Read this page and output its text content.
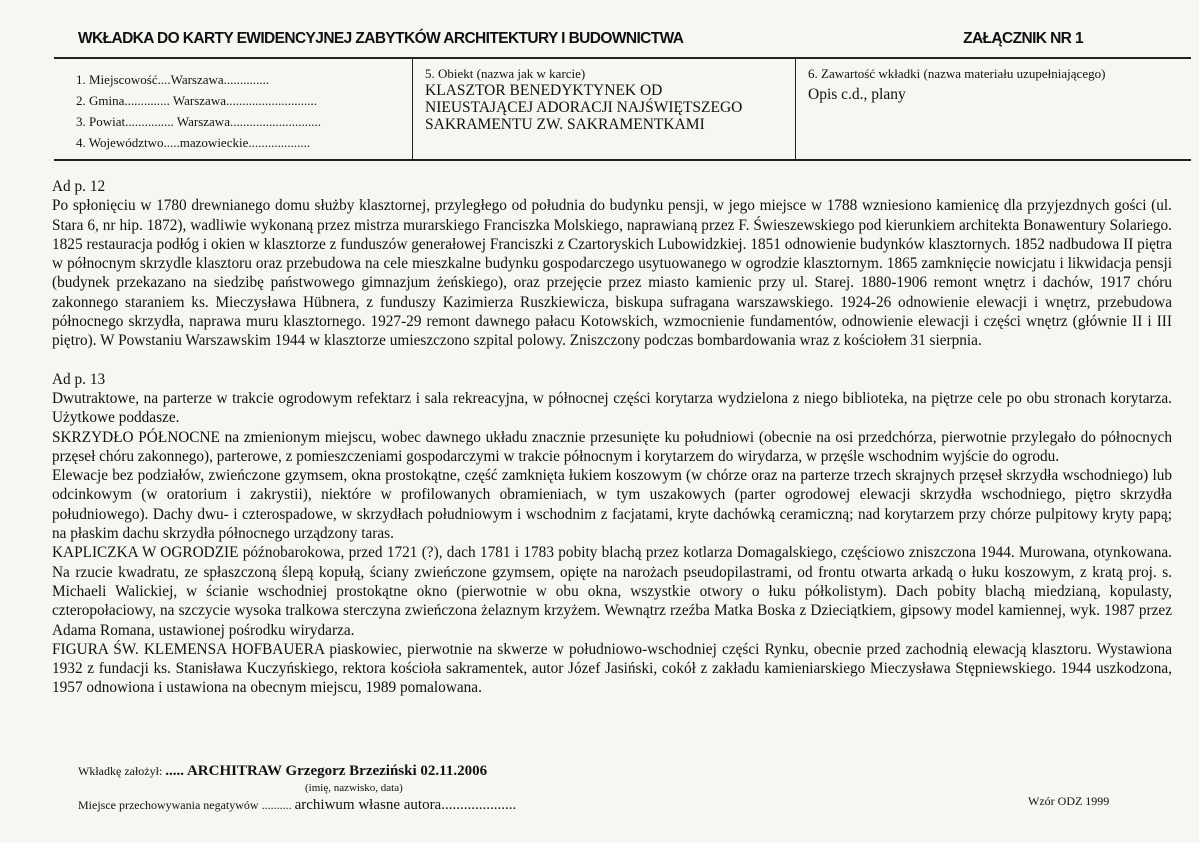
WKŁADKA DO KARTY EWIDENCYJNEJ ZABYTKÓW ARCHITEKTURY I BUDOWNICTWA	ZAŁĄCZNIK NR 1
1. Miejscowość....Warszawa..............
2. Gmina.............. Warszawa............................
3. Powiat............... Warszawa............................
4. Województwo.....mazowieckie...................
5. Obiekt (nazwa jak w karcie)
KLASZTOR BENEDYKTYNEK OD
NIEUSTAJĄCEJ ADORACJI NAJŚWIĘTSZEGO
SAKRAMENTU ZW. SAKRAMENTKAMI
6. Zawartość wkładki (nazwa materiału uzupełniającego)
Opis c.d., plany

Ad p. 12

Po spłonięciu w 1780 drewnianego domu służby klasztornej, przyległego od południa do budynku pensji, w jego miejsce w 1788 wzniesiono kamienicę dla przyjezdnych gości (ul. Stara 6, nr hip. 1872), wadliwie wykonaną przez mistrza murarskiego Franciszka Molskiego, naprawianą przez F. Świeszewskiego pod kierunkiem architekta Bonawentury Solariego. 1825 restauracja podłóg i okien w klasztorze z funduszów generałowej Franciszki z Czartoryskich Lubowidzkiej. 1851 odnowienie budynków klasztornych. 1852 nadbudowa II piętra w północnym skrzydle klasztoru oraz przebudowa na cele mieszkalne budynku gospodarczego usytuowanego w ogrodzie klasztornym. 1865 zamknięcie nowicjatu i likwidacja pensji (budynek przekazano na siedzibę państwowego gimnazjum żeńskiego), oraz przejęcie przez miasto kamienic przy ul. Starej. 1880-1906 remont wnętrz i dachów, 1917 chóru zakonnego staraniem ks. Mieczysława Hübnera, z funduszy Kazimierza Ruszkiewicza, biskupa sufragana warszawskiego. 1924-26 odnowienie elewacji i wnętrz, przebudowa północnego skrzydła, naprawa muru klasztornego. 1927-29 remont dawnego pałacu Kotowskich, wzmocnienie fundamentów, odnowienie elewacji i części wnętrz (głównie II i III piętro). W Powstaniu Warszawskim 1944 w klasztorze umieszczono szpital polowy. Zniszczony podczas bombardowania wraz z kościołem 31 sierpnia.

Ad p. 13

Dwutraktowe, na parterze w trakcie ogrodowym refektarz i sala rekreacyjna, w północnej części korytarza wydzielona z niego biblioteka, na piętrze cele po obu stronach korytarza. Użytkowe poddasze.

SKRZYDŁO PÓŁNOCNE na zmienionym miejscu, wobec dawnego układu znacznie przesunięte ku południowi (obecnie na osi przedchórza, pierwotnie przylegało do północnych przęseł chóru zakonnego), parterowe, z pomieszczeniami gospodarczymi w trakcie północnym i korytarzem do wirydarza, w przęśle wschodnim wyjście do ogrodu.

Elewacje bez podziałów, zwieńczone gzymsem, okna prostokątne, część zamknięta łukiem koszowym (w chórze oraz na parterze trzech skrajnych przęseł skrzydła wschodniego) lub odcinkowym (w oratorium i zakrystii), niektóre w profilowanych obramieniach, w tym uszakowych (parter ogrodowej elewacji skrzydła wschodniego, piętro skrzydła południowego). Dachy dwu- i czterospadowe, w skrzydłach południowym i wschodnim z facjatami, kryte dachówką ceramiczną; nad korytarzem przy chórze pulpitowy kryty papą; na płaskim dachu skrzydła północnego urządzony taras.

KAPLICZKA W OGRODZIE późnobarokowa, przed 1721 (?), dach 1781 i 1783 pobity blachą przez kotlarza Domagalskiego, częściowo zniszczona 1944. Murowana, otynkowana. Na rzucie kwadratu, ze spłaszczoną ślepą kopułą, ściany zwieńczone gzymsem, opięte na narożach pseudopilastrami, od frontu otwarta arkadą o łuku koszowym, z kratą proj. s. Michaeli Walickiej, w ścianie wschodniej prostokątne okno (pierwotnie w obu okna, wszystkie otwory o łuku półkolistym). Dach pobity blachą miedzianą, kopulasty, czteropołaciowy, na szczycie wysoka tralkowa sterczyna zwieńczona żelaznym krzyżem. Wewnątrz rzeźba Matka Boska z Dzieciątkiem, gipsowy model kamiennej, wyk. 1987 przez Adama Romana, ustawionej pośrodku wirydarza.

FIGURA ŚW. KLEMENSA HOFBAUERA piaskowiec, pierwotnie na skwerze w południowo-wschodniej części Rynku, obecnie przed zachodnią elewacją klasztoru. Wystawiona 1932 z fundacji ks. Stanisława Kuczyńskiego, rektora kościoła sakramentek, autor Józef Jasiński, cokół z zakładu kamieniarskiego Mieczysława Stępniewskiego. 1944 uszkodzona, 1957 odnowiona i ustawiona na obecnym miejscu, 1989 pomalowana.

Wkładkę założył: ..... ARCHITRAW Grzegorz Brzeziński 02.11.2006
(imię, nazwisko, data)
Miejsce przechowywania negatywów .......... archiwum własne autora....................	Wzór ODZ 1999
